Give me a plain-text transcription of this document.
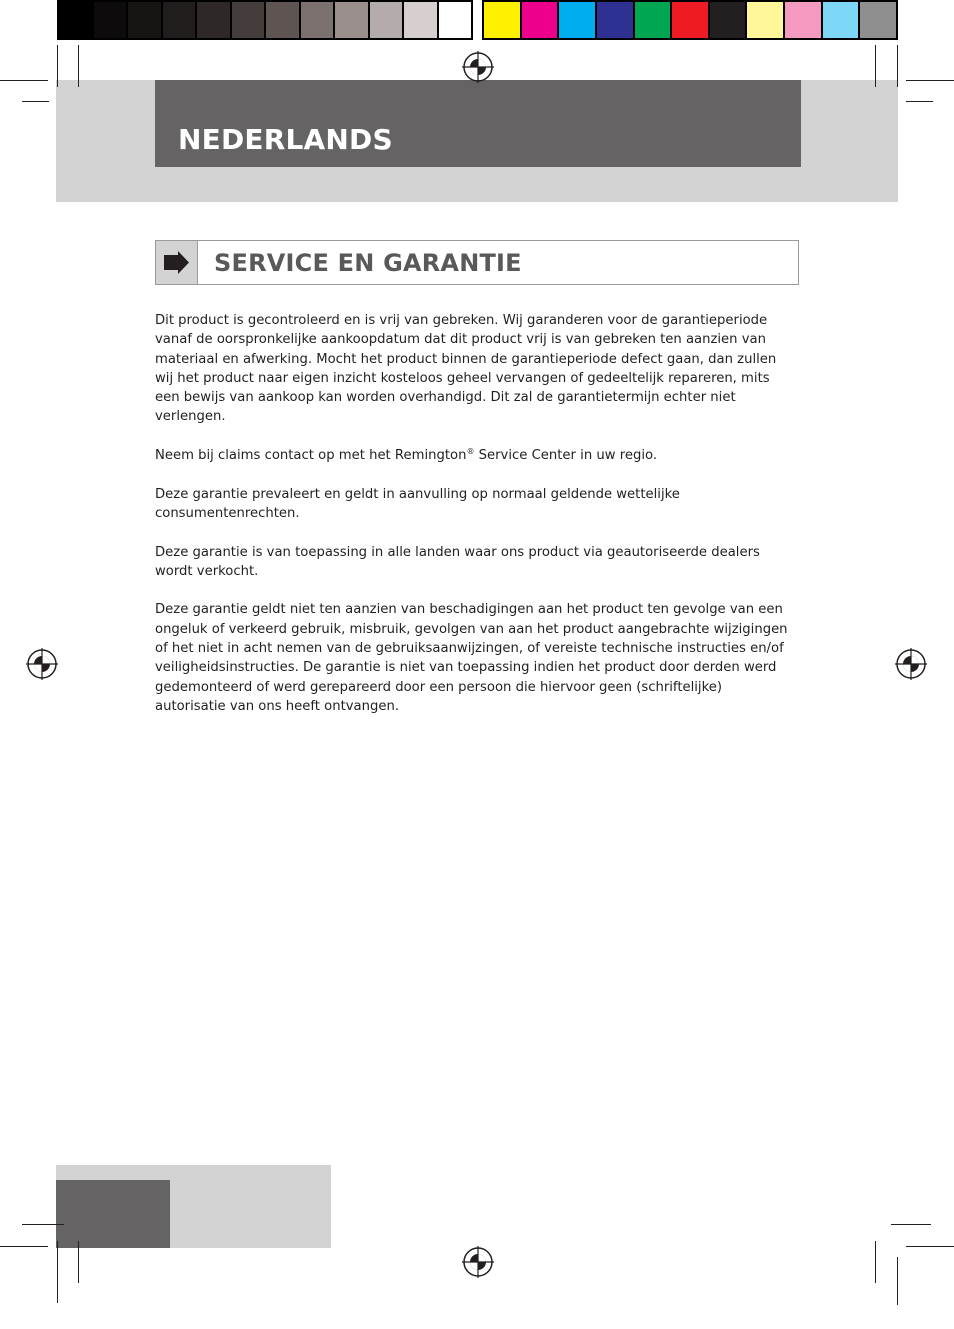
NEDERLANDS
SERVICE EN GARANTIE

Dit product is gecontroleerd en is vrij van gebreken. Wij garanderen voor de garantieperiode vanaf de oorspronkelijke aankoopdatum dat dit product vrij is van gebreken ten aanzien van materiaal en afwerking. Mocht het product binnen de garantieperiode defect gaan, dan zullen wij het product naar eigen inzicht kosteloos geheel vervangen of gedeeltelijk repareren, mits een bewijs van aankoop kan worden overhandigd. Dit zal de garantietermijn echter niet verlengen.

Neem bij claims contact op met het Remington® Service Center in uw regio.

Deze garantie prevaleert en geldt in aanvulling op normaal geldende wettelijke consumentenrechten.

Deze garantie is van toepassing in alle landen waar ons product via geautoriseerde dealers wordt verkocht.

Deze garantie geldt niet ten aanzien van beschadigingen aan het product ten gevolge van een ongeluk of verkeerd gebruik, misbruik, gevolgen van aan het product aangebrachte wijzigingen of het niet in acht nemen van de gebruiksaanwijzingen, of vereiste technische instructies en/of veiligheidsinstructies. De garantie is niet van toepassing indien het product door derden werd gedemonteerd of werd gerepareerd door een persoon die hiervoor geen (schriftelijke) autorisatie van ons heeft ontvangen.
